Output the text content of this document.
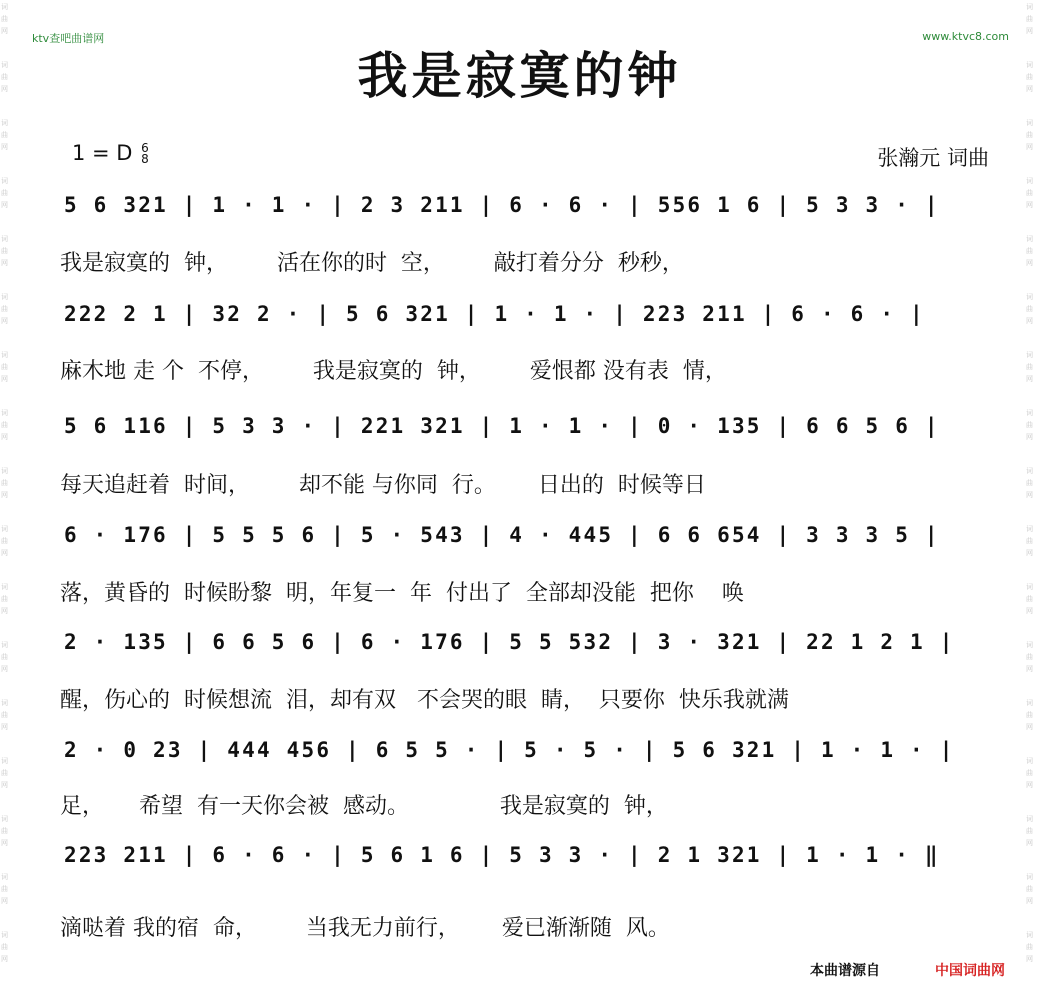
词
曲
网
词
曲
网
词
曲
网
词
曲
网
词
曲
网
词
曲
网
词
曲
网
词
曲
网
词
曲
网
词
曲
网
词
曲
网
词
曲
网
词
曲
网
词
曲
网
词
曲
网
词
曲
网
词
曲
网
词
曲
网
词
曲
网
词
曲
网
词
曲
网
词
曲
网
词
曲
网
词
曲
网
词
曲
网
词
曲
网
词
曲
网
词
曲
网
词
曲
网
词
曲
网
词
曲
网
词
曲
网
词
曲
网
词
曲
网
ktv查吧曲谱网	www.ktvc8.com
我是寂寞的钟
1 = D 6
8	张瀚元 词曲
5 6 321 | 1 · 1 · | 2 3 211 | 6 · 6 · | 556 1 6 | 5 3 3 · |
我是寂寞的  钟，       活在你的时  空，       敲打着分分  秒秒，
222 2 1 | 32 2 · | 5 6 321 | 1 · 1 · | 223 211 | 6 · 6 · |
麻木地 走 个  不停，       我是寂寞的  钟，       爱恨都 没有表  情，
5 6 116 | 5 3 3 · | 221 321 | 1 · 1 · | 0 · 135 | 6 6 5 6 |
每天追赶着  时间，       却不能 与你同  行。      日出的  时候等日
6 · 176 | 5 5 5 6 | 5 · 543 | 4 · 445 | 6 6 654 | 3 3 3 5 |
落，黄昏的  时候盼黎  明，年复一  年  付出了  全部却没能  把你    唤
2 · 135 | 6 6 5 6 | 6 · 176 | 5 5 532 | 3 · 321 | 22 1 2 1 |
醒，伤心的  时候想流  泪，却有双   不会哭的眼  睛，  只要你  快乐我就满
2 · 0 23 | 444 456 | 6 5 5 · | 5 · 5 · | 5 6 321 | 1 · 1 · |
足，     希望  有一天你会被  感动。             我是寂寞的  钟，
223 211 | 6 · 6 · | 5 6 1 6 | 5 3 3 · | 2 1 321 | 1 · 1 · ‖
滴哒着 我的宿  命，       当我无力前行，      爱已渐渐随  风。
本曲谱源自	中国词曲网
